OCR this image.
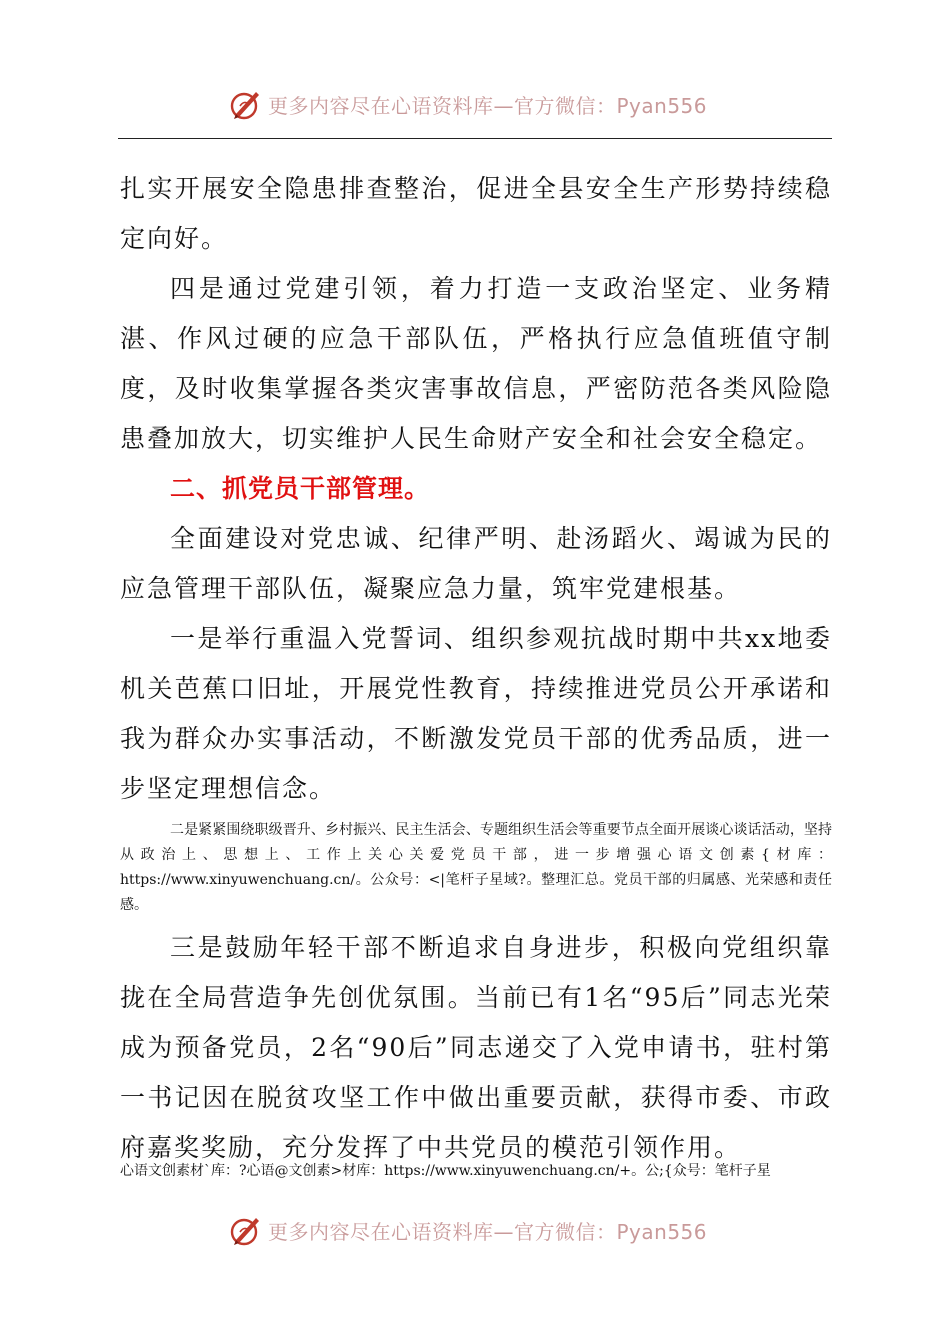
更多内容尽在心语资料库—官方微信：Pyan556

扎实开展安全隐患排查整治，促进全县安全生产形势持续稳定向好。

四是通过党建引领，着力打造一支政治坚定、业务精湛、作风过硬的应急干部队伍，严格执行应急值班值守制度，及时收集掌握各类灾害事故信息，严密防范各类风险隐患叠加放大，切实维护人民生命财产安全和社会安全稳定。

二、抓党员干部管理。

全面建设对党忠诚、纪律严明、赴汤蹈火、竭诚为民的应急管理干部队伍，凝聚应急力量，筑牢党建根基。

一是举行重温入党誓词、组织参观抗战时期中共xx地委机关芭蕉口旧址，开展党性教育，持续推进党员公开承诺和我为群众办实事活动，不断激发党员干部的优秀品质，进一步坚定理想信念。

二是紧紧围绕职级晋升、乡村振兴、民主生活会、专题组织生活会等重要节点全面开展谈心谈话活动，坚持从政治上、思想上、工作上关心关爱党员干部，进一步增强心语文创素{材库：https://www.xinyuwenchuang.cn/。公众号：<|笔杆子星域?。整理汇总。党员干部的归属感、光荣感和责任感。

三是鼓励年轻干部不断追求自身进步，积极向党组织靠拢在全局营造争先创优氛围。当前已有1名“95后”同志光荣成为预备党员，2名“90后”同志递交了入党申请书，驻村第一书记因在脱贫攻坚工作中做出重要贡献，获得市委、市政府嘉奖奖励，充分发挥了中共党员的模范引领作用。

心语文创素材`库：?心语@文创素>材库：https://www.xinyuwenchuang.cn/+。公;{众号：笔杆子星
更多内容尽在心语资料库—官方微信：Pyan556
